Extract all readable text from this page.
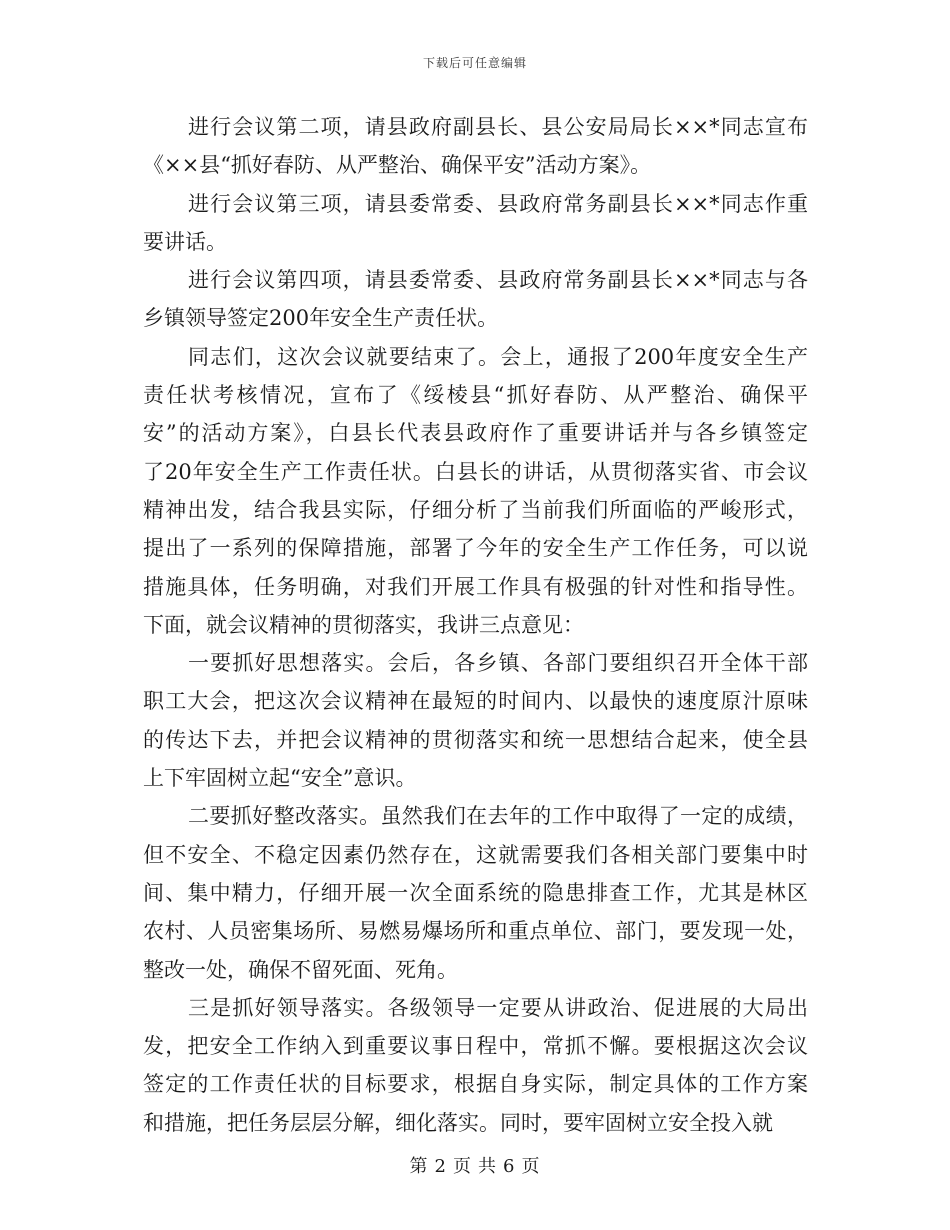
下载后可任意编辑
进行会议第二项，请县政府副县长、县公安局局长××*同志宣布
《××县“抓好春防、从严整治、确保平安”活动方案》。
进行会议第三项，请县委常委、县政府常务副县长××*同志作重
要讲话。
进行会议第四项，请县委常委、县政府常务副县长××*同志与各
乡镇领导签定200年安全生产责任状。
同志们，这次会议就要结束了。会上，通报了200年度安全生产
责任状考核情况，宣布了《绥棱县“抓好春防、从严整治、确保平
安”的活动方案》，白县长代表县政府作了重要讲话并与各乡镇签定
了20年安全生产工作责任状。白县长的讲话，从贯彻落实省、市会议
精神出发，结合我县实际，仔细分析了当前我们所面临的严峻形式，
提出了一系列的保障措施，部署了今年的安全生产工作任务，可以说
措施具体，任务明确，对我们开展工作具有极强的针对性和指导性。
下面，就会议精神的贯彻落实，我讲三点意见：
一要抓好思想落实。会后，各乡镇、各部门要组织召开全体干部
职工大会，把这次会议精神在最短的时间内、以最快的速度原汁原味
的传达下去，并把会议精神的贯彻落实和统一思想结合起来，使全县
上下牢固树立起“安全”意识。
二要抓好整改落实。虽然我们在去年的工作中取得了一定的成绩，
但不安全、不稳定因素仍然存在，这就需要我们各相关部门要集中时
间、集中精力，仔细开展一次全面系统的隐患排查工作，尤其是林区
农村、人员密集场所、易燃易爆场所和重点单位、部门，要发现一处，
整改一处，确保不留死面、死角。
三是抓好领导落实。各级领导一定要从讲政治、促进展的大局出
发，把安全工作纳入到重要议事日程中，常抓不懈。要根据这次会议
签定的工作责任状的目标要求，根据自身实际，制定具体的工作方案
和措施，把任务层层分解，细化落实。同时，要牢固树立安全投入就
第 2 页 共 6 页
